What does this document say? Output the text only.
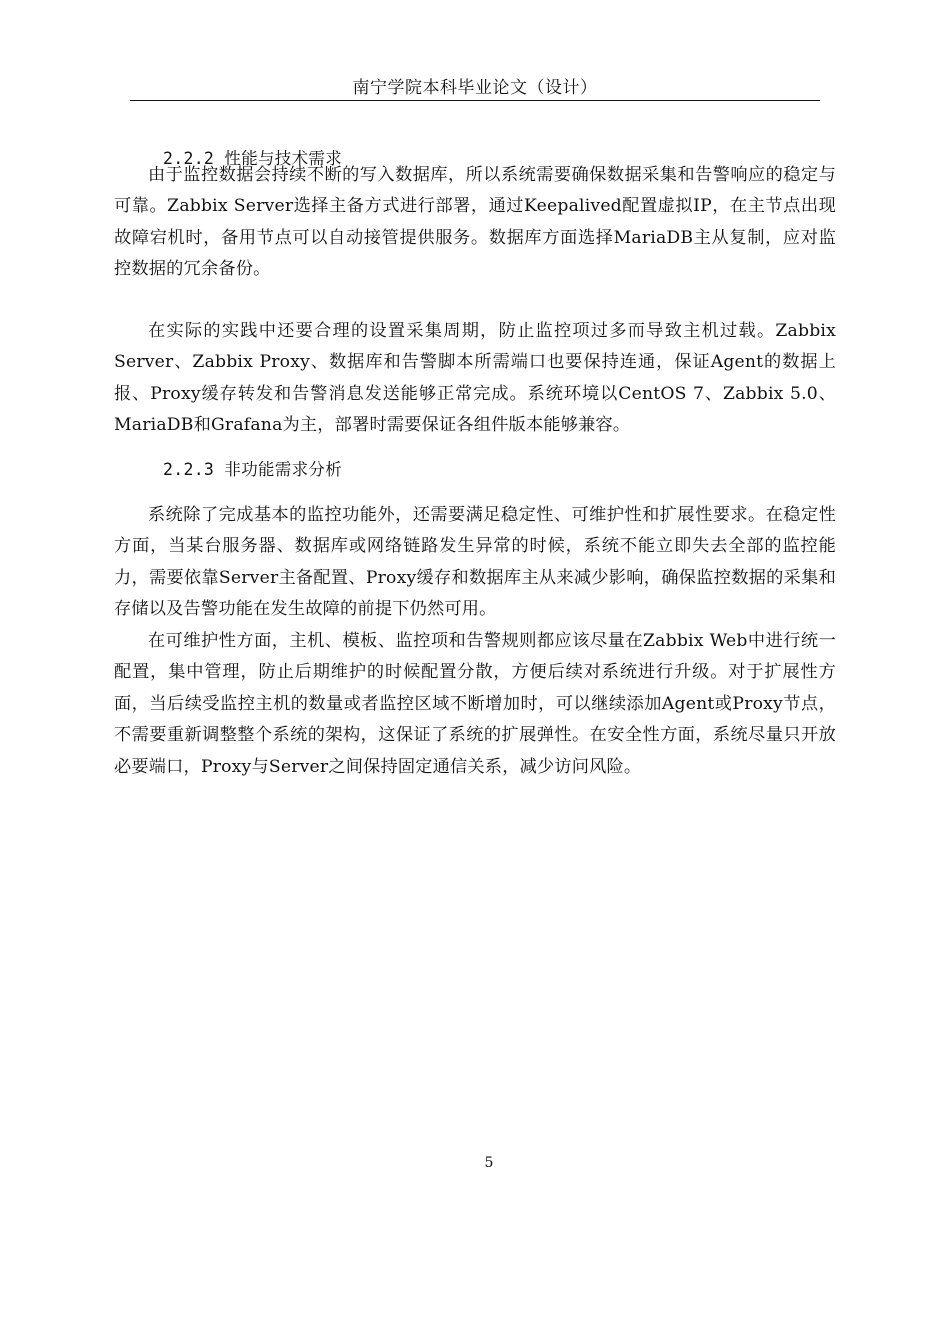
南宁学院本科毕业论文（设计）
2.2.2 性能与技术需求

由于监控数据会持续不断的写入数据库，所以系统需要确保数据采集和告警响应的稳定与可靠。Zabbix Server选择主备方式进行部署，通过Keepalived配置虚拟IP，在主节点出现故障宕机时，备用节点可以自动接管提供服务。数据库方面选择MariaDB主从复制，应对监控数据的冗余备份。

在实际的实践中还要合理的设置采集周期，防止监控项过多而导致主机过载。Zabbix Server、Zabbix Proxy、数据库和告警脚本所需端口也要保持连通，保证Agent的数据上报、Proxy缓存转发和告警消息发送能够正常完成。系统环境以CentOS 7、Zabbix 5.0、MariaDB和Grafana为主，部署时需要保证各组件版本能够兼容。

2.2.3 非功能需求分析

系统除了完成基本的监控功能外，还需要满足稳定性、可维护性和扩展性要求。在稳定性方面，当某台服务器、数据库或网络链路发生异常的时候，系统不能立即失去全部的监控能力，需要依靠Server主备配置、Proxy缓存和数据库主从来减少影响，确保监控数据的采集和存储以及告警功能在发生故障的前提下仍然可用。

在可维护性方面，主机、模板、监控项和告警规则都应该尽量在Zabbix Web中进行统一配置，集中管理，防止后期维护的时候配置分散，方便后续对系统进行升级。对于扩展性方面，当后续受监控主机的数量或者监控区域不断增加时，可以继续添加Agent或Proxy节点，不需要重新调整整个系统的架构，这保证了系统的扩展弹性。在安全性方面，系统尽量只开放必要端口，Proxy与Server之间保持固定通信关系，减少访问风险。

5
